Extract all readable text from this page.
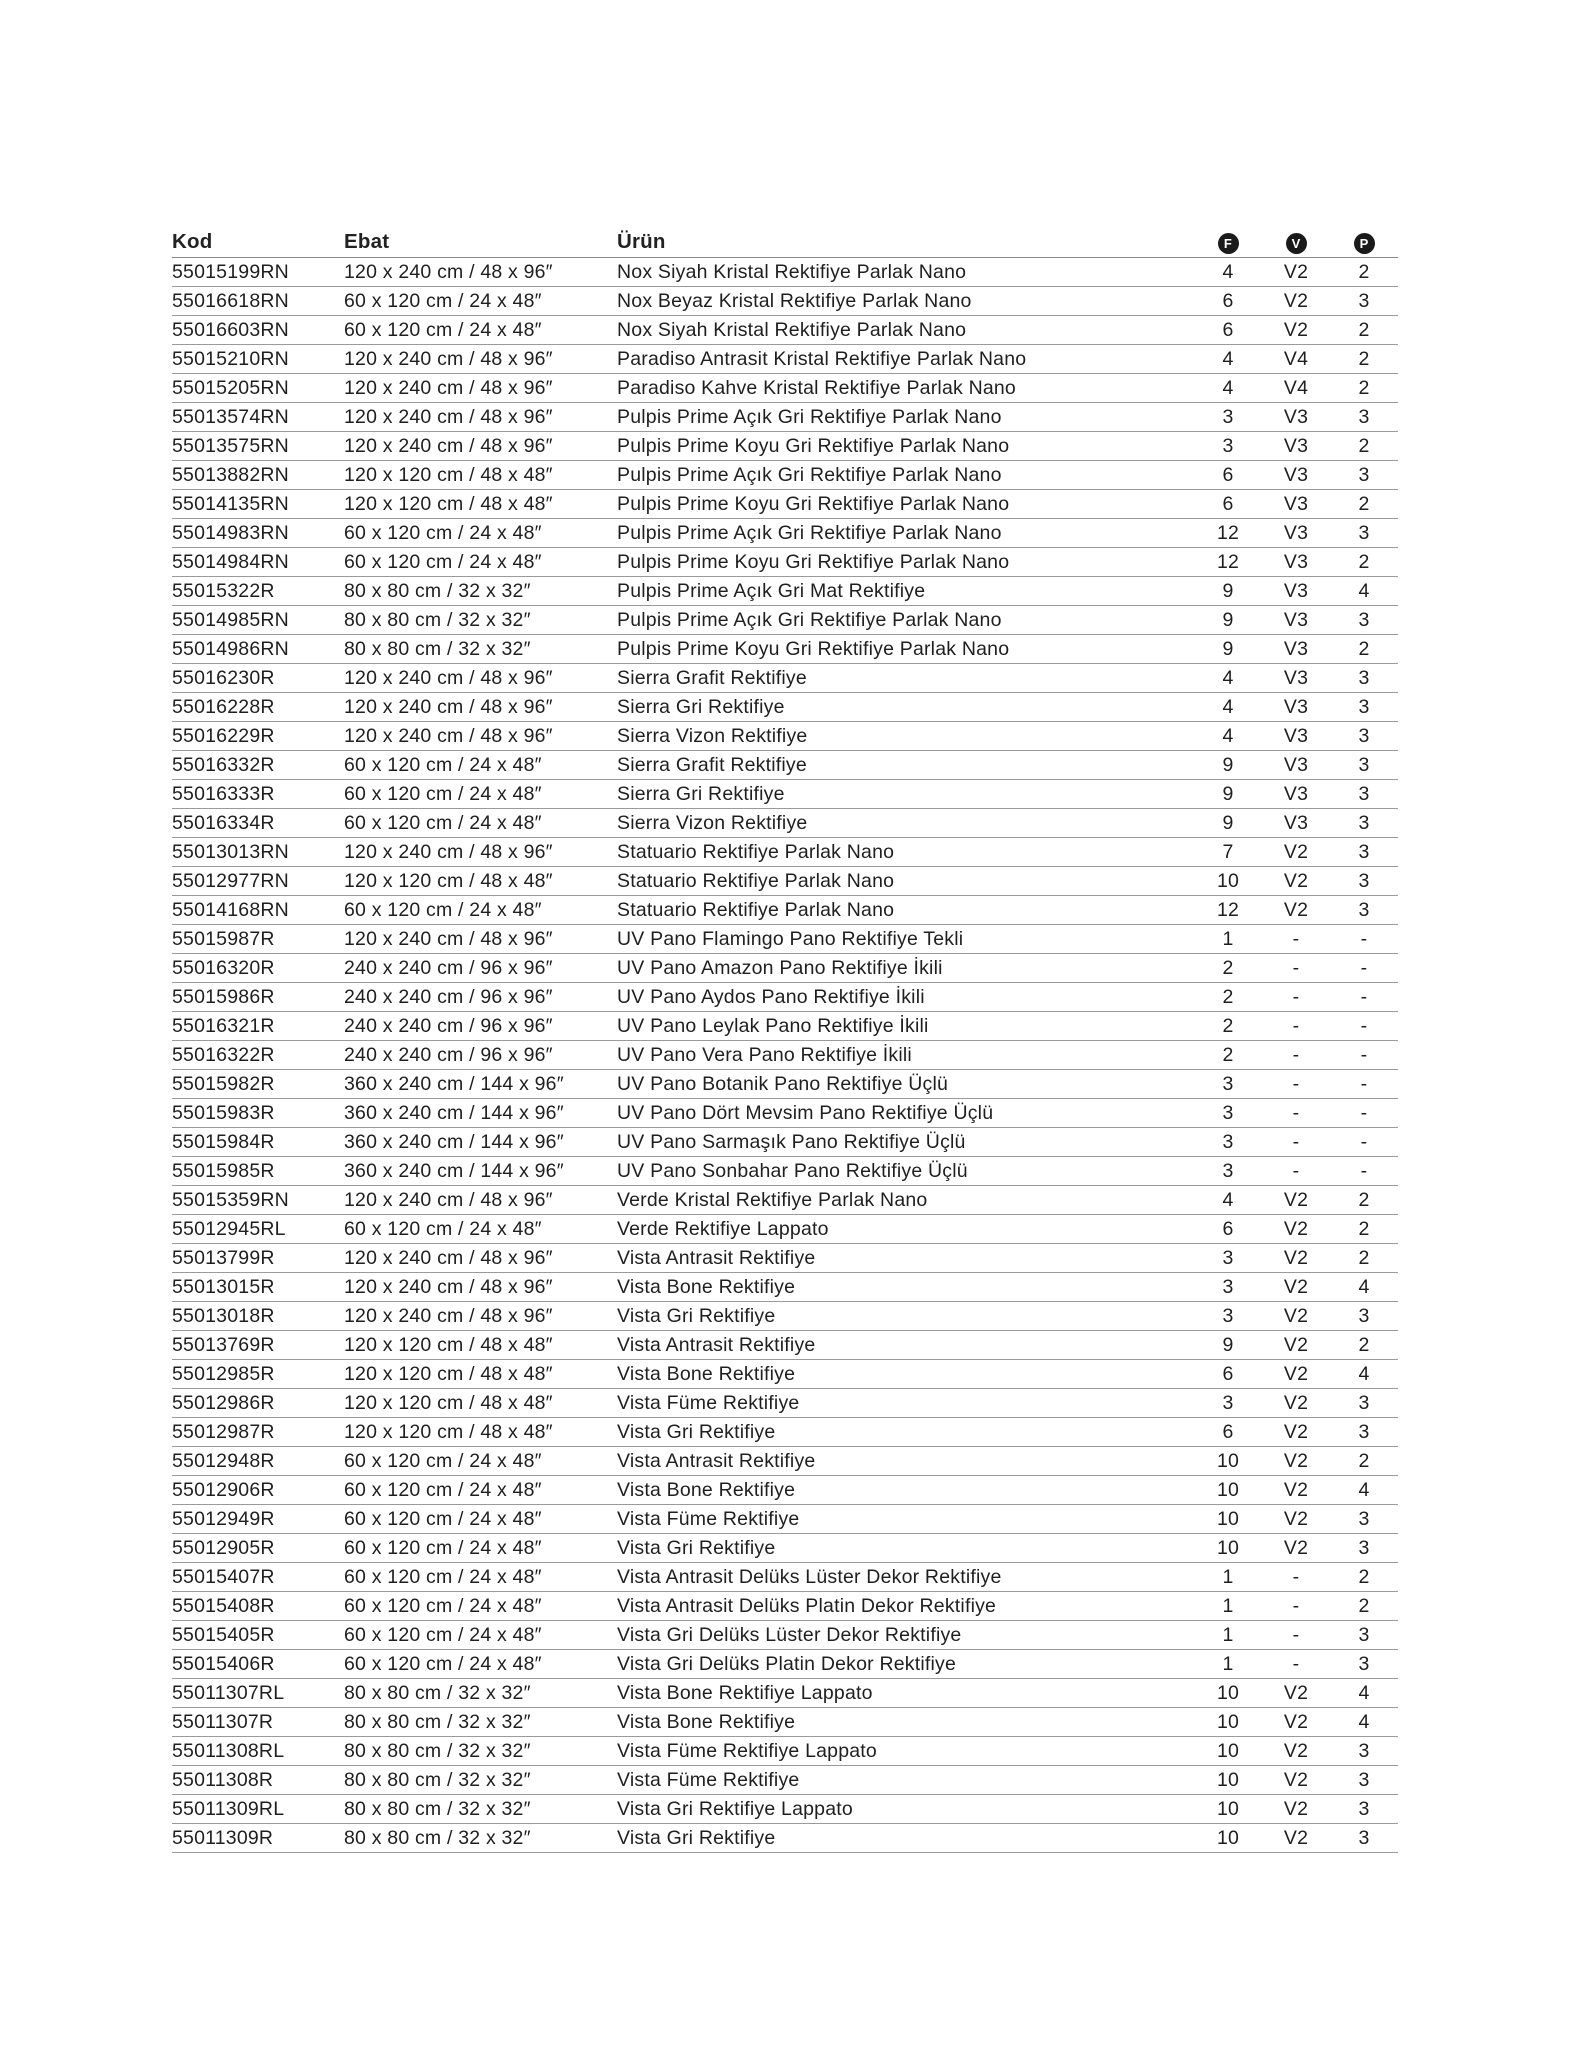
Kod	Ebat	Ürün	F	V	P
55015199RN	120 x 240 cm / 48 x 96″	Nox Siyah Kristal Rektifiye Parlak Nano	4	V2	2
55016618RN	60 x 120 cm / 24 x 48″	Nox Beyaz Kristal Rektifiye Parlak Nano	6	V2	3
55016603RN	60 x 120 cm / 24 x 48″	Nox Siyah Kristal Rektifiye Parlak Nano	6	V2	2
55015210RN	120 x 240 cm / 48 x 96″	Paradiso Antrasit Kristal Rektifiye Parlak Nano	4	V4	2
55015205RN	120 x 240 cm / 48 x 96″	Paradiso Kahve Kristal Rektifiye Parlak Nano	4	V4	2
55013574RN	120 x 240 cm / 48 x 96″	Pulpis Prime Açık Gri Rektifiye Parlak Nano	3	V3	3
55013575RN	120 x 240 cm / 48 x 96″	Pulpis Prime Koyu Gri Rektifiye Parlak Nano	3	V3	2
55013882RN	120 x 120 cm / 48 x 48″	Pulpis Prime Açık Gri Rektifiye Parlak Nano	6	V3	3
55014135RN	120 x 120 cm / 48 x 48″	Pulpis Prime Koyu Gri Rektifiye Parlak Nano	6	V3	2
55014983RN	60 x 120 cm / 24 x 48″	Pulpis Prime Açık Gri Rektifiye Parlak Nano	12	V3	3
55014984RN	60 x 120 cm / 24 x 48″	Pulpis Prime Koyu Gri Rektifiye Parlak Nano	12	V3	2
55015322R	80 x 80 cm / 32 x 32″	Pulpis Prime Açık Gri Mat Rektifiye	9	V3	4
55014985RN	80 x 80 cm / 32 x 32″	Pulpis Prime Açık Gri Rektifiye Parlak Nano	9	V3	3
55014986RN	80 x 80 cm / 32 x 32″	Pulpis Prime Koyu Gri Rektifiye Parlak Nano	9	V3	2
55016230R	120 x 240 cm / 48 x 96″	Sierra Grafit Rektifiye	4	V3	3
55016228R	120 x 240 cm / 48 x 96″	Sierra Gri Rektifiye	4	V3	3
55016229R	120 x 240 cm / 48 x 96″	Sierra Vizon Rektifiye	4	V3	3
55016332R	60 x 120 cm / 24 x 48″	Sierra Grafit Rektifiye	9	V3	3
55016333R	60 x 120 cm / 24 x 48″	Sierra Gri Rektifiye	9	V3	3
55016334R	60 x 120 cm / 24 x 48″	Sierra Vizon Rektifiye	9	V3	3
55013013RN	120 x 240 cm / 48 x 96″	Statuario Rektifiye Parlak Nano	7	V2	3
55012977RN	120 x 120 cm / 48 x 48″	Statuario Rektifiye Parlak Nano	10	V2	3
55014168RN	60 x 120 cm / 24 x 48″	Statuario Rektifiye Parlak Nano	12	V2	3
55015987R	120 x 240 cm / 48 x 96″	UV Pano Flamingo Pano Rektifiye Tekli	1	-	-
55016320R	240 x 240 cm / 96 x 96″	UV Pano Amazon Pano Rektifiye İkili	2	-	-
55015986R	240 x 240 cm / 96 x 96″	UV Pano Aydos Pano Rektifiye İkili	2	-	-
55016321R	240 x 240 cm / 96 x 96″	UV Pano Leylak Pano Rektifiye İkili	2	-	-
55016322R	240 x 240 cm / 96 x 96″	UV Pano Vera Pano Rektifiye İkili	2	-	-
55015982R	360 x 240 cm / 144 x 96″	UV Pano Botanik Pano Rektifiye Üçlü	3	-	-
55015983R	360 x 240 cm / 144 x 96″	UV Pano Dört Mevsim Pano Rektifiye Üçlü	3	-	-
55015984R	360 x 240 cm / 144 x 96″	UV Pano Sarmaşık Pano Rektifiye Üçlü	3	-	-
55015985R	360 x 240 cm / 144 x 96″	UV Pano Sonbahar Pano Rektifiye Üçlü	3	-	-
55015359RN	120 x 240 cm / 48 x 96″	Verde Kristal Rektifiye Parlak Nano	4	V2	2
55012945RL	60 x 120 cm / 24 x 48″	Verde Rektifiye Lappato	6	V2	2
55013799R	120 x 240 cm / 48 x 96″	Vista Antrasit Rektifiye	3	V2	2
55013015R	120 x 240 cm / 48 x 96″	Vista Bone Rektifiye	3	V2	4
55013018R	120 x 240 cm / 48 x 96″	Vista Gri Rektifiye	3	V2	3
55013769R	120 x 120 cm / 48 x 48″	Vista Antrasit Rektifiye	9	V2	2
55012985R	120 x 120 cm / 48 x 48″	Vista Bone Rektifiye	6	V2	4
55012986R	120 x 120 cm / 48 x 48″	Vista Füme Rektifiye	3	V2	3
55012987R	120 x 120 cm / 48 x 48″	Vista Gri Rektifiye	6	V2	3
55012948R	60 x 120 cm / 24 x 48″	Vista Antrasit Rektifiye	10	V2	2
55012906R	60 x 120 cm / 24 x 48″	Vista Bone Rektifiye	10	V2	4
55012949R	60 x 120 cm / 24 x 48″	Vista Füme Rektifiye	10	V2	3
55012905R	60 x 120 cm / 24 x 48″	Vista Gri Rektifiye	10	V2	3
55015407R	60 x 120 cm / 24 x 48″	Vista Antrasit Delüks Lüster Dekor Rektifiye	1	-	2
55015408R	60 x 120 cm / 24 x 48″	Vista Antrasit Delüks Platin Dekor Rektifiye	1	-	2
55015405R	60 x 120 cm / 24 x 48″	Vista Gri Delüks Lüster Dekor Rektifiye	1	-	3
55015406R	60 x 120 cm / 24 x 48″	Vista Gri Delüks Platin Dekor Rektifiye	1	-	3
55011307RL	80 x 80 cm / 32 x 32″	Vista Bone Rektifiye Lappato	10	V2	4
55011307R	80 x 80 cm / 32 x 32″	Vista Bone Rektifiye	10	V2	4
55011308RL	80 x 80 cm / 32 x 32″	Vista Füme Rektifiye Lappato	10	V2	3
55011308R	80 x 80 cm / 32 x 32″	Vista Füme Rektifiye	10	V2	3
55011309RL	80 x 80 cm / 32 x 32″	Vista Gri Rektifiye Lappato	10	V2	3
55011309R	80 x 80 cm / 32 x 32″	Vista Gri Rektifiye	10	V2	3
